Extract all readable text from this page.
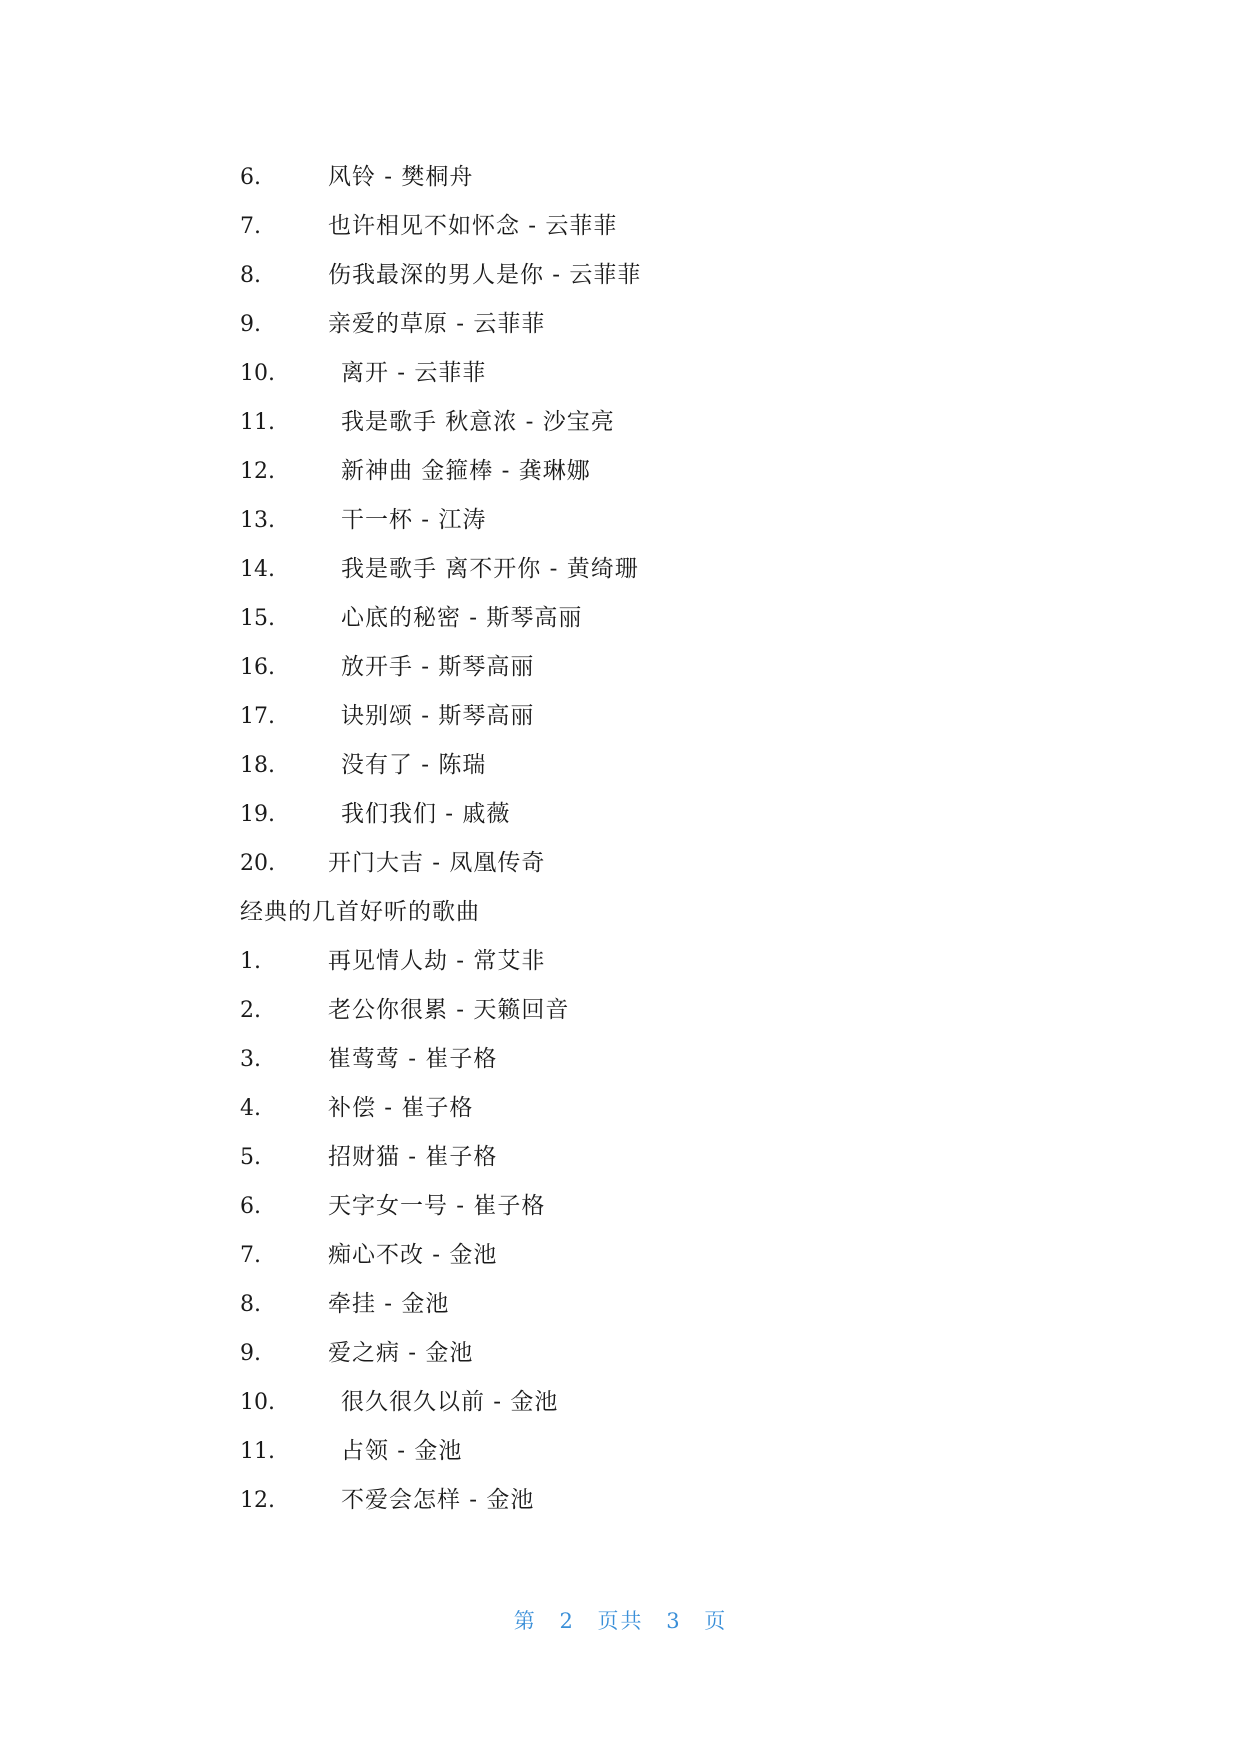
6.	风铃 - 樊桐舟
7.	也许相见不如怀念 - 云菲菲
8.	伤我最深的男人是你 - 云菲菲
9.	亲爱的草原 - 云菲菲
10.	离开 - 云菲菲
11.	我是歌手 秋意浓 - 沙宝亮
12.	新神曲 金箍棒 - 龚琳娜
13.	干一杯 - 江涛
14.	我是歌手 离不开你 - 黄绮珊
15.	心底的秘密 - 斯琴高丽
16.	放开手 - 斯琴高丽
17.	诀别颂 - 斯琴高丽
18.	没有了 - 陈瑞
19.	我们我们 - 戚薇
20. 开门大吉 - 凤凰传奇
经典的几首好听的歌曲
1.	再见情人劫 - 常艾非
2.	老公你很累 - 天籁回音
3.	崔莺莺 - 崔子格
4.	补偿 - 崔子格
5.	招财猫 - 崔子格
6.	天字女一号 - 崔子格
7.	痴心不改 - 金池
8.	牵挂 - 金池
9.	爱之病 - 金池
10.	很久很久以前 - 金池
11.	占领 - 金池
12.	不爱会怎样 - 金池
第 2 页共 3 页
